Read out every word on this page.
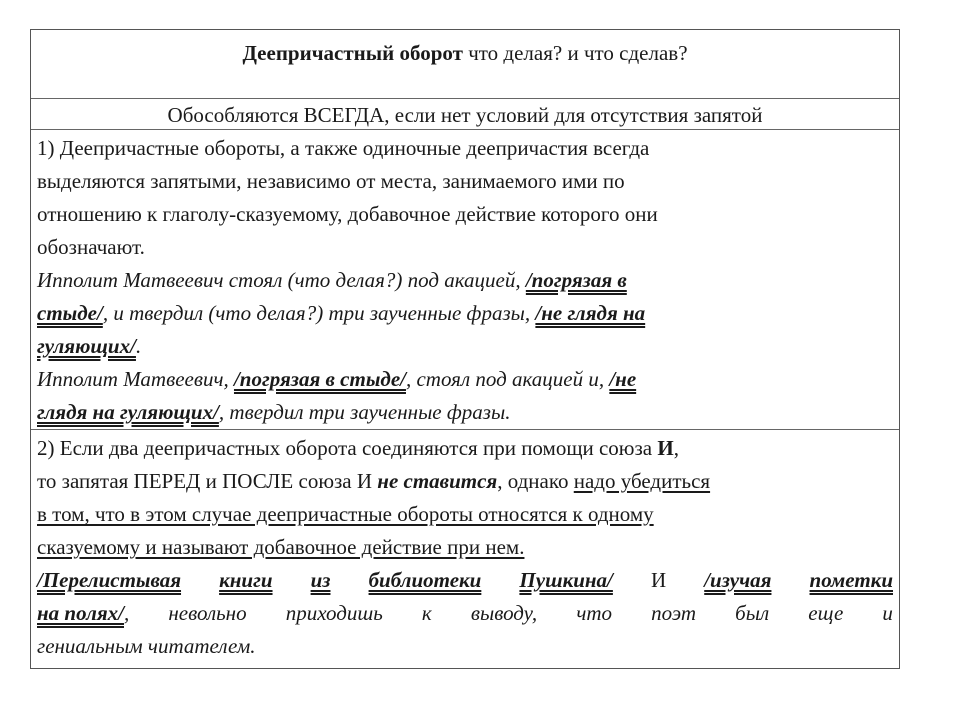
Деепричастный оборот что делая? и что сделав?
Обособляются ВСЕГДА, если нет условий для отсутствия запятой
1) Деепричастные обороты, а также одиночные деепричастия всегда
выделяются запятыми, независимо от места, занимаемого ими по
отношению к глаголу-сказуемому, добавочное действие которого они
обозначают.
Ипполит Матвеевич стоял (что делая?) под акацией, /погрязая в
стыде/, и твердил (что делая?) три заученные фразы, /не глядя на
гуляющих/.
Ипполит Матвеевич, /погрязая в стыде/, стоял под акацией и, /не
глядя на гуляющих/, твердил три заученные фразы.
2) Если два деепричастных оборота соединяются при помощи союза И,
то запятая ПЕРЕД и ПОСЛЕ союза И не ставится, однако надо убедиться
в том, что в этом случае деепричастные обороты относятся к одному
сказуемому и называют добавочное действие при нем.
/Перелистывая книги из библиотеки Пушкина/ И /изучая пометки
на полях/, невольно приходишь к выводу, что поэт был еще и
гениальным читателем.
